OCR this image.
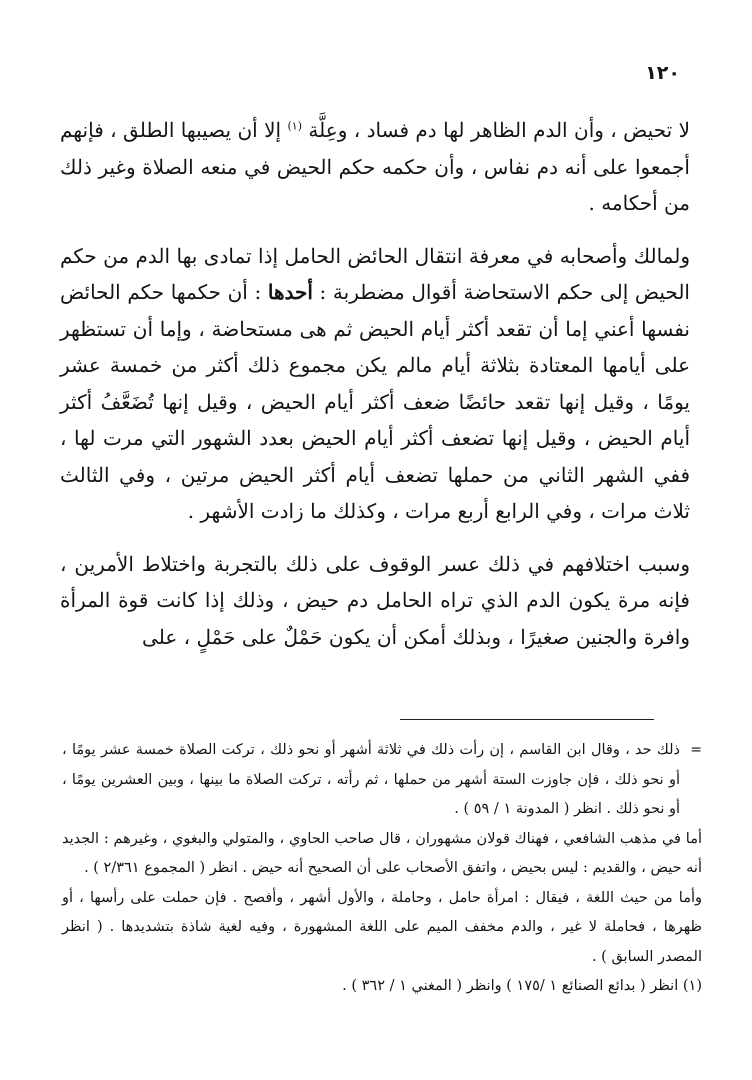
١٢٠

لا تحيض ، وأن الدم الظاهر لها دم فساد ، وعِلَّة $^{(١)}$ إلا أن يصيبها الطلق ، فإنهم أجمعوا على أنه دم نفاس ، وأن حكمه حكم الحيض في منعه الصلاة وغير ذلك من أحكامه .

ولمالك وأصحابه في معرفة انتقال الحائض الحامل إذا تمادى بها الدم من حكم الحيض إلى حكم الاستحاضة أقوال مضطربة : أحدها : أن حكمها حكم الحائض نفسها أعني إما أن تقعد أكثر أيام الحيض ثم هى مستحاضة ، وإما أن تستظهر على أيامها المعتادة بثلاثة أيام مالم يكن مجموع ذلك أكثر من خمسة عشر يومًا ، وقيل إنها تقعد حائضًا ضعف أكثر أيام الحيض ، وقيل إنها تُضَعَّفُ أكثر أيام الحيض ، وقيل إنها تضعف أكثر أيام الحيض بعدد الشهور التي مرت لها ، ففي الشهر الثاني من حملها تضعف أيام أكثر الحيض مرتين ، وفي الثالث ثلاث مرات ، وفي الرابع أربع مرات ، وكذلك ما زادت الأشهر .

وسبب اختلافهم في ذلك عسر الوقوف على ذلك بالتجربة واختلاط الأمرين ، فإنه مرة يكون الدم الذي تراه الحامل دم حيض ، وذلك إذا كانت قوة المرأة وافرة والجنين صغيرًا ، وبذلك أمكن أن يكون حَمْلٌ على حَمْلٍ ، على

=
ذلك حد ، وقال ابن القاسم ، إن رأت ذلك في ثلاثة أشهر أو نحو ذلك ، تركت الصلاة خمسة عشر يومًا ، أو نحو ذلك ، فإن جاوزت الستة أشهر من حملها ، ثم رأته ، تركت الصلاة ما بينها ، وبين العشرين يومًا ، أو نحو ذلك . انظر ( المدونة ١ / ٥٩ ) .

أما في مذهب الشافعي ، فهناك قولان مشهوران ، قال صاحب الحاوي ، والمتولي والبغوي ، وغيرهم : الجديد أنه حيض ، والقديم : ليس بحيض ، واتفق الأصحاب على أن الصحيح أنه حيض . انظر ( المجموع ٢/٣٦١ ) .

وأما من حيث اللغة ، فيقال : امرأة حامل ، وحاملة ، والأول أشهر ، وأفصح . فإن حملت على رأسها ، أو ظهرها ، فحاملة لا غير ، والدم مخفف الميم على اللغة المشهورة ، وفيه لغية شاذة بتشديدها . ( انظر المصدر السابق ) .

(١) انظر ( بدائع الصنائع ١ /١٧٥ ) وانظر ( المغني ١ / ٣٦٢ ) .
